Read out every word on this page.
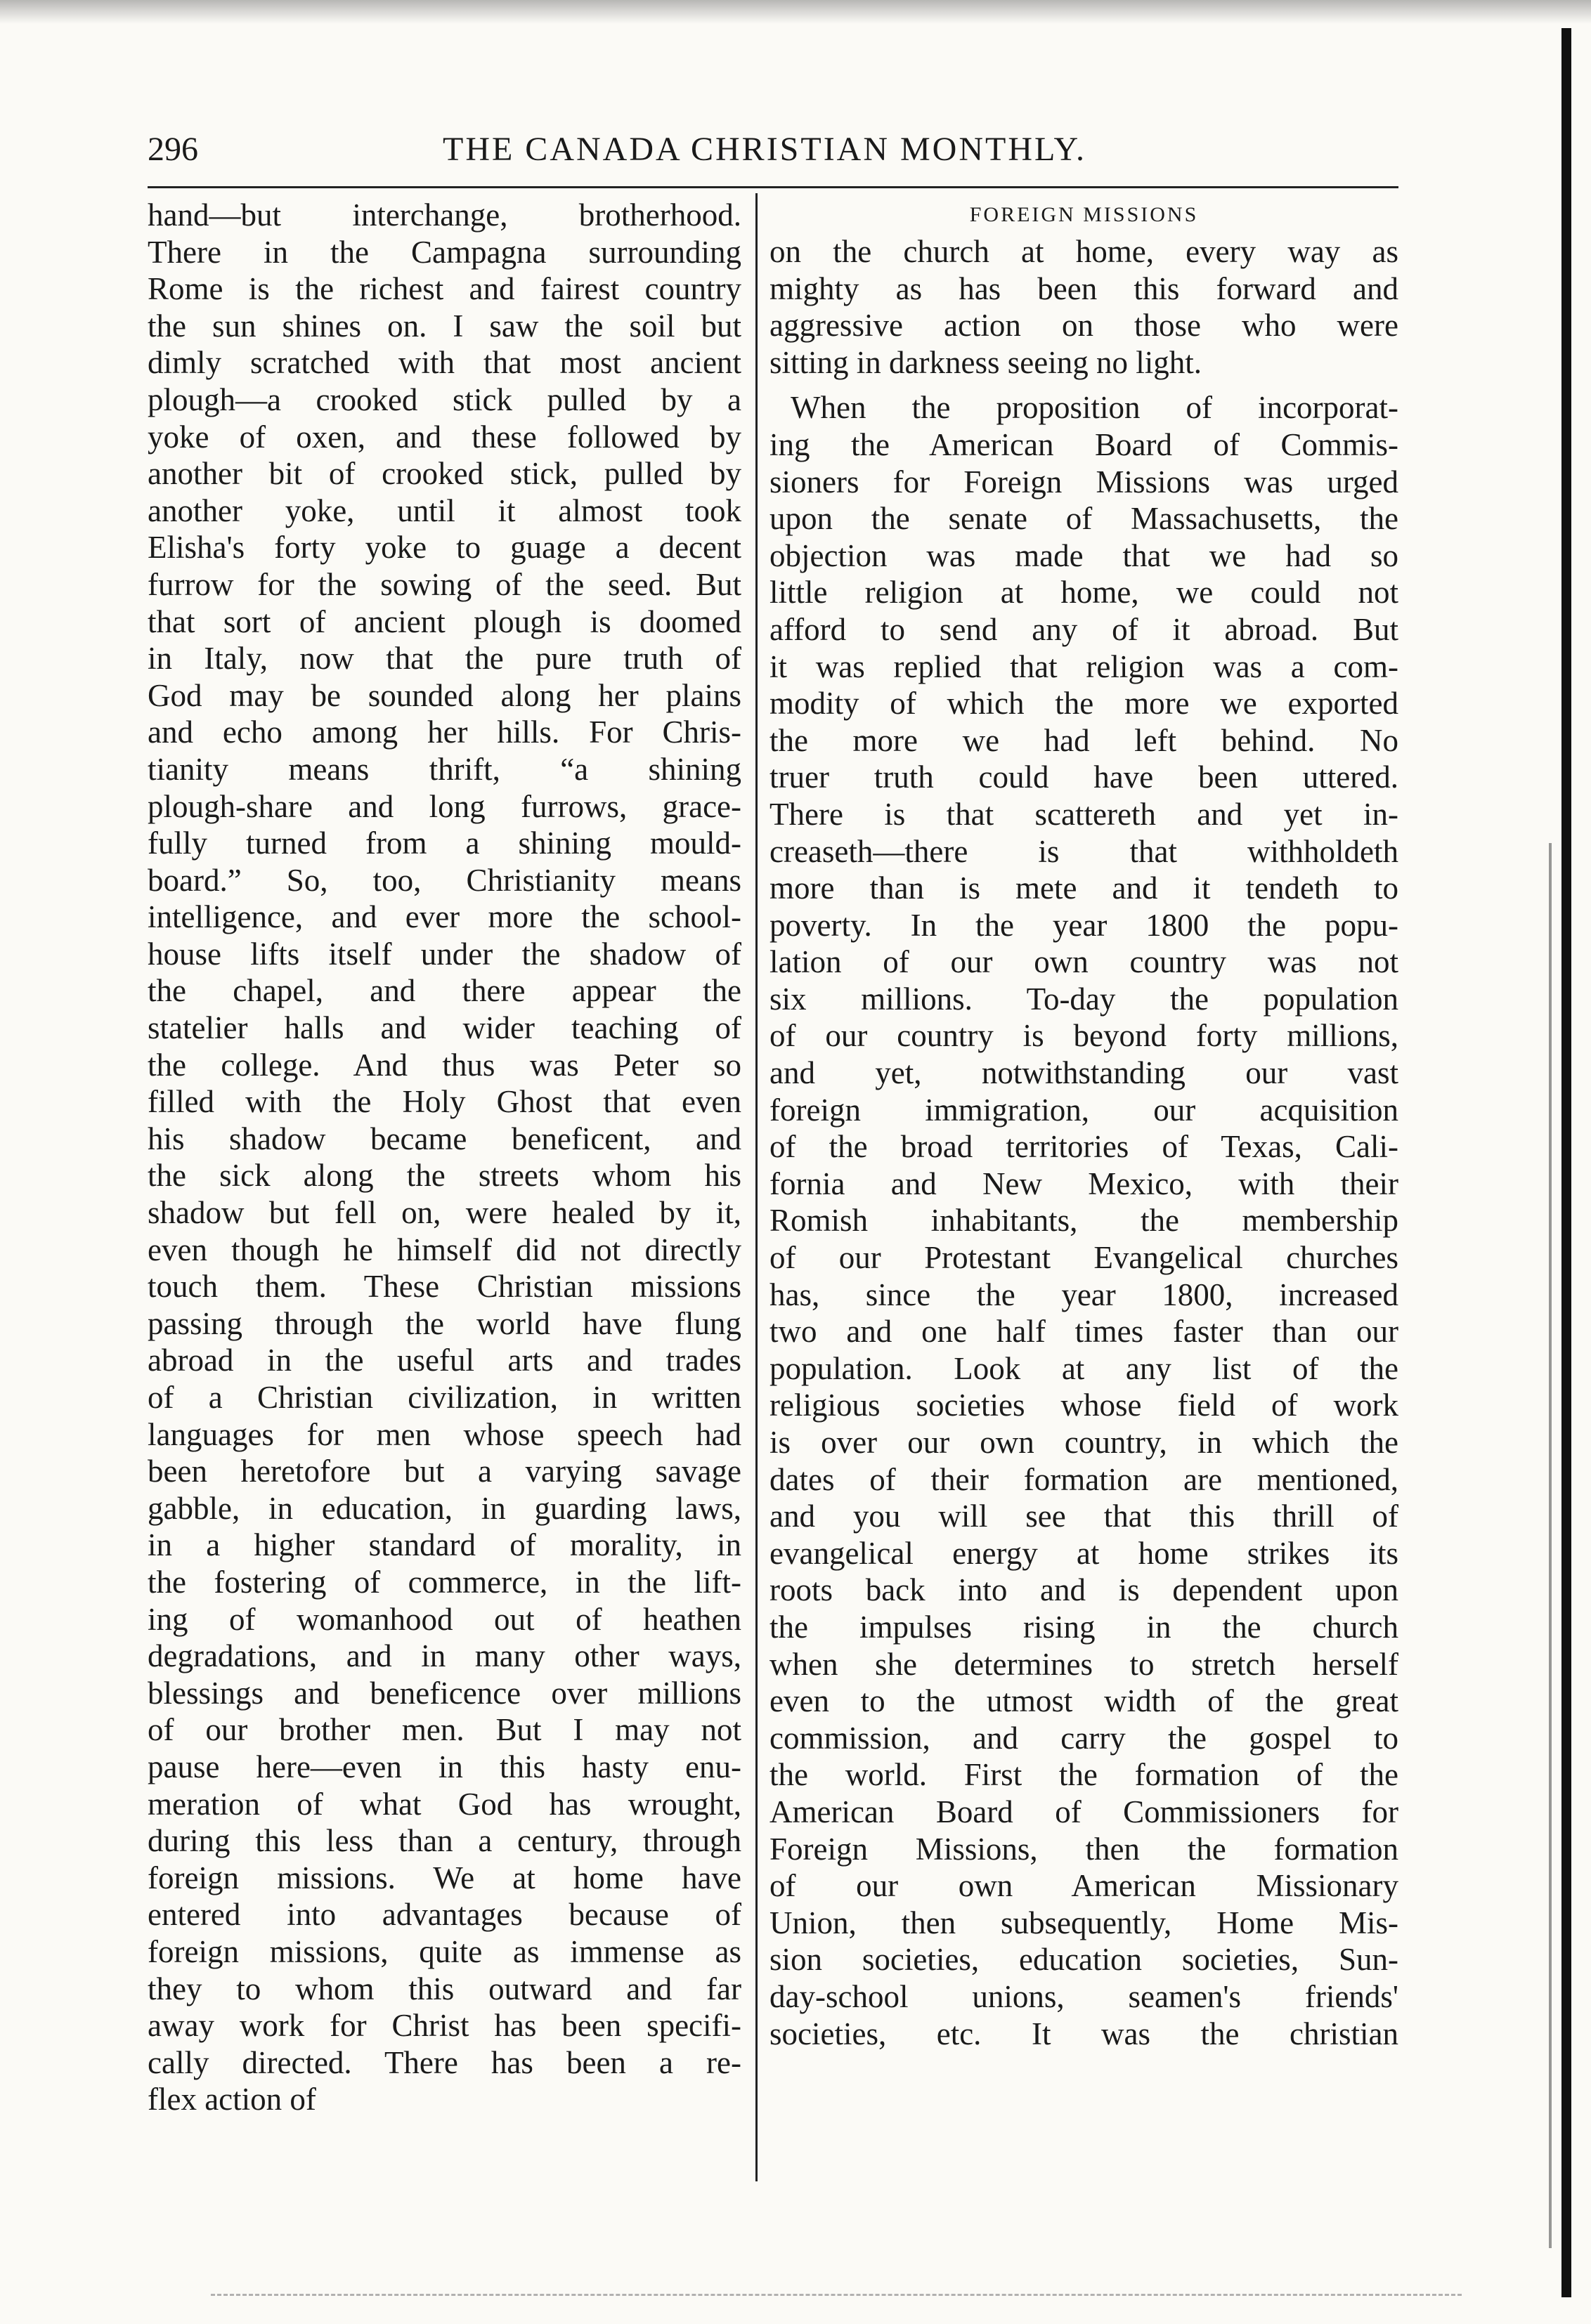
296	THE CANADA CHRISTIAN MONTHLY.
hand—but interchange, brotherhood.
There in the Campagna surrounding
Rome is the richest and fairest country
the sun shines on. I saw the soil but
dimly scratched with that most ancient
plough—a crooked stick pulled by a
yoke of oxen, and these followed by
another bit of crooked stick, pulled by
another yoke, until it almost took
Elisha's forty yoke to guage a decent
furrow for the sowing of the seed. But
that sort of ancient plough is doomed
in Italy, now that the pure truth of
God may be sounded along her plains
and echo among her hills. For Chris-
tianity means thrift, “a shining
plough-share and long furrows, grace-
fully turned from a shining mould-
board.” So, too, Christianity means
intelligence, and ever more the school-
house lifts itself under the shadow of
the chapel, and there appear the
statelier halls and wider teaching of
the college. And thus was Peter so
filled with the Holy Ghost that even
his shadow became beneficent, and
the sick along the streets whom his
shadow but fell on, were healed by it,
even though he himself did not directly
touch them. These Christian missions
passing through the world have flung
abroad in the useful arts and trades
of a Christian civilization, in written
languages for men whose speech had
been heretofore but a varying savage
gabble, in education, in guarding laws,
in a higher standard of morality, in
the fostering of commerce, in the lift-
ing of womanhood out of heathen
degradations, and in many other ways,
blessings and beneficence over millions
of our brother men. But I may not
pause here—even in this hasty enu-
meration of what God has wrought,
during this less than a century, through
foreign missions. We at home have
entered into advantages because of
foreign missions, quite as immense as
they to whom this outward and far
away work for Christ has been specifi-
cally directed. There has been a re-
flex action of
FOREIGN MISSIONS
on the church at home, every way as
mighty as has been this forward and
aggressive action on those who were
sitting in darkness seeing no light.
When the proposition of incorporat-
ing the American Board of Commis-
sioners for Foreign Missions was urged
upon the senate of Massachusetts, the
objection was made that we had so
little religion at home, we could not
afford to send any of it abroad. But
it was replied that religion was a com-
modity of which the more we exported
the more we had left behind. No
truer truth could have been uttered.
There is that scattereth and yet in-
creaseth—there is that withholdeth
more than is mete and it tendeth to
poverty. In the year 1800 the popu-
lation of our own country was not
six millions. To-day the population
of our country is beyond forty millions,
and yet, notwithstanding our vast
foreign immigration, our acquisition
of the broad territories of Texas, Cali-
fornia and New Mexico, with their
Romish inhabitants, the membership
of our Protestant Evangelical churches
has, since the year 1800, increased
two and one half times faster than our
population. Look at any list of the
religious societies whose field of work
is over our own country, in which the
dates of their formation are mentioned,
and you will see that this thrill of
evangelical energy at home strikes its
roots back into and is dependent upon
the impulses rising in the church
when she determines to stretch herself
even to the utmost width of the great
commission, and carry the gospel to
the world. First the formation of the
American Board of Commissioners for
Foreign Missions, then the formation
of our own American Missionary
Union, then subsequently, Home Mis-
sion societies, education societies, Sun-
day-school unions, seamen's friends'
societies, etc. It was the christian
